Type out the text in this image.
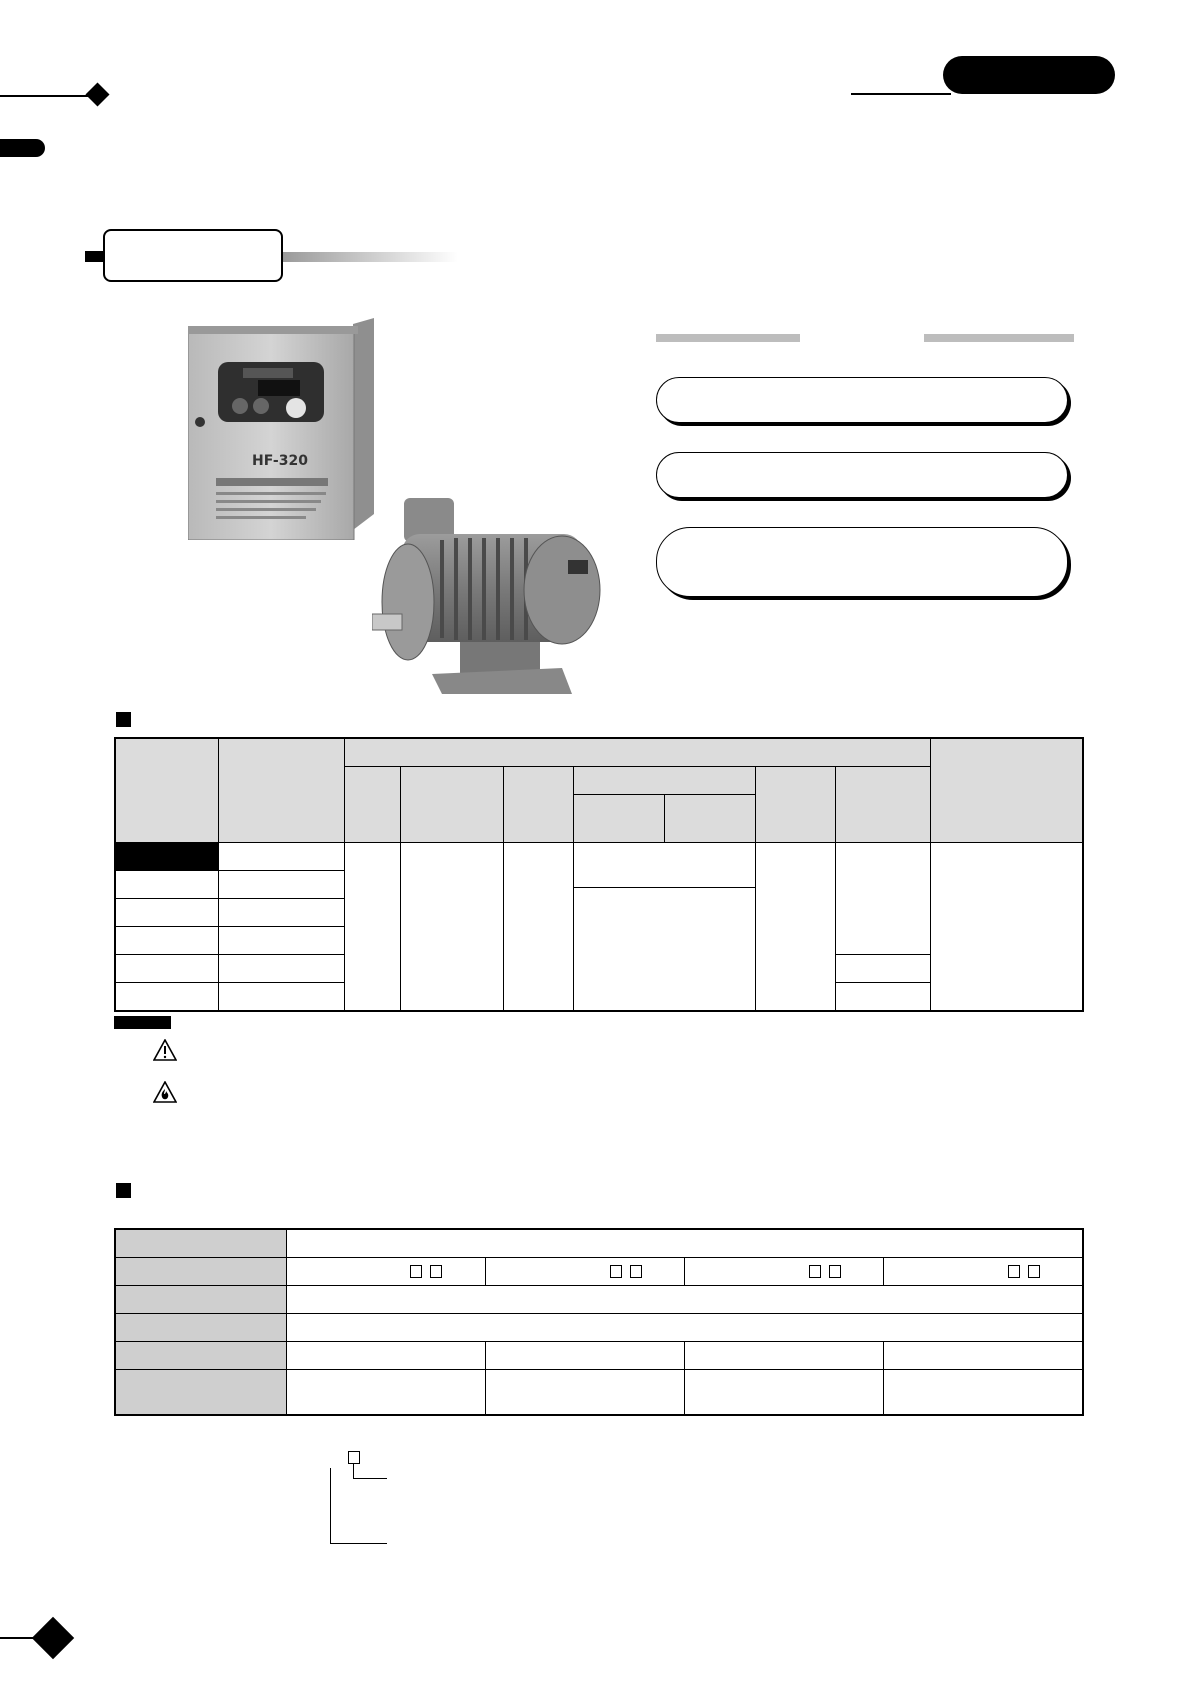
HF-320
